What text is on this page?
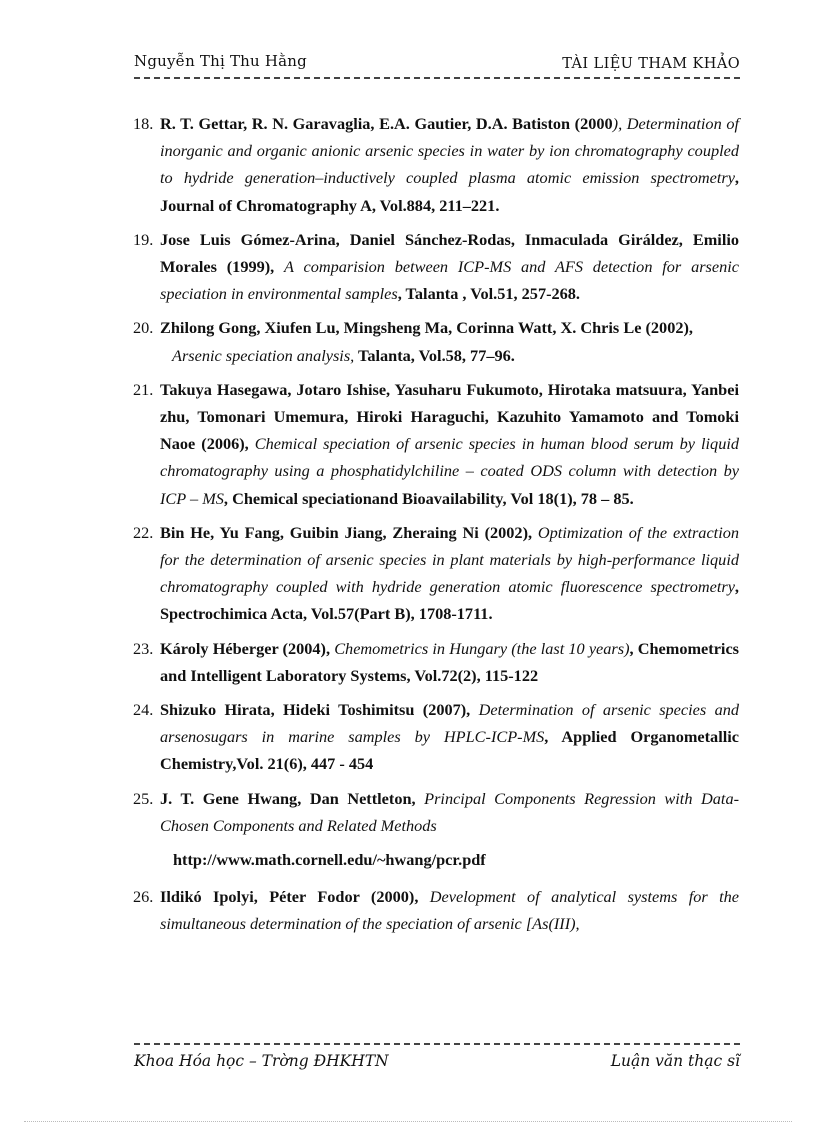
Nguyễn Thị Thu Hằng	TÀI LIỆU THAM KHẢO
18. R. T. Gettar, R. N. Garavaglia, E.A. Gautier, D.A. Batiston (2000), Determination of inorganic and organic anionic arsenic species in water by ion chromatography coupled to hydride generation–inductively coupled plasma atomic emission spectrometry, Journal of Chromatography A, Vol.884, 211–221.
19. Jose Luis Gómez-Arina, Daniel Sánchez-Rodas, Inmaculada Giráldez, Emilio Morales (1999), A comparision between ICP-MS and AFS detection for arsenic speciation in environmental samples, Talanta , Vol.51, 257-268.
20. Zhilong Gong, Xiufen Lu, Mingsheng Ma, Corinna Watt, X. Chris Le (2002),
Arsenic speciation analysis, Talanta, Vol.58, 77–96.
21. Takuya Hasegawa, Jotaro Ishise, Yasuharu Fukumoto, Hirotaka matsuura, Yanbei zhu, Tomonari Umemura, Hiroki Haraguchi, Kazuhito Yamamoto and Tomoki Naoe (2006), Chemical speciation of arsenic species in human blood serum by liquid chromatography using a phosphatidylchiline – coated ODS column with detection by ICP – MS, Chemical speciationand Bioavailability, Vol 18(1), 78 – 85.
22. Bin He, Yu Fang, Guibin Jiang, Zheraing Ni (2002), Optimization of the extraction for the determination of arsenic species in plant materials by high-performance liquid chromatography coupled with hydride generation atomic fluorescence spectrometry, Spectrochimica Acta, Vol.57(Part B), 1708-1711.
23. Károly Héberger (2004), Chemometrics in Hungary (the last 10 years), Chemometrics and Intelligent Laboratory Systems, Vol.72(2), 115-122
24. Shizuko Hirata, Hideki Toshimitsu (2007), Determination of arsenic species and arsenosugars in marine samples by HPLC-ICP-MS, Applied Organometallic Chemistry,Vol. 21(6), 447 - 454
25. J. T. Gene Hwang, Dan Nettleton, Principal Components Regression with Data-Chosen Components and Related Methods
http://www.math.cornell.edu/~hwang/pcr.pdf
26. Ildikó Ipolyi, Péter Fodor (2000), Development of analytical systems for the simultaneous determination of the speciation of arsenic [As(III),
Khoa Hóa học – Trờng ĐHKHTN	Luận văn thạc sĩ
